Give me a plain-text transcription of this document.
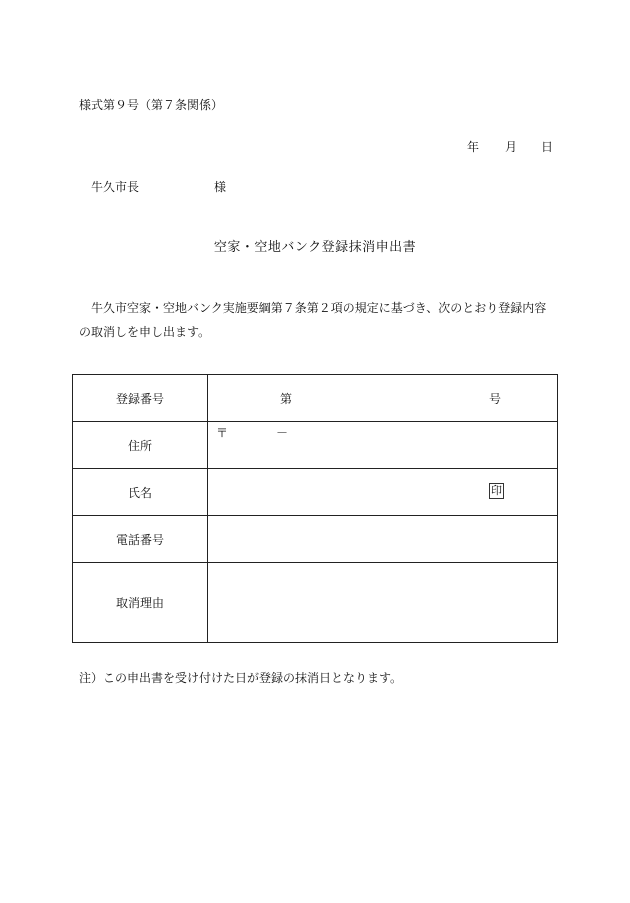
様式第９号（第７条関係）
年 月 日
牛久市長	様
空家・空地バンク登録抹消申出書
牛久市空家・空地バンク実施要綱第７条第２項の規定に基づき、次のとおり登録内容の取消しを申し出ます。
登録番号	第 号

住所	〒 －

氏名	印

電話番号	
取消理由	
注）この申出書を受け付けた日が登録の抹消日となります。
